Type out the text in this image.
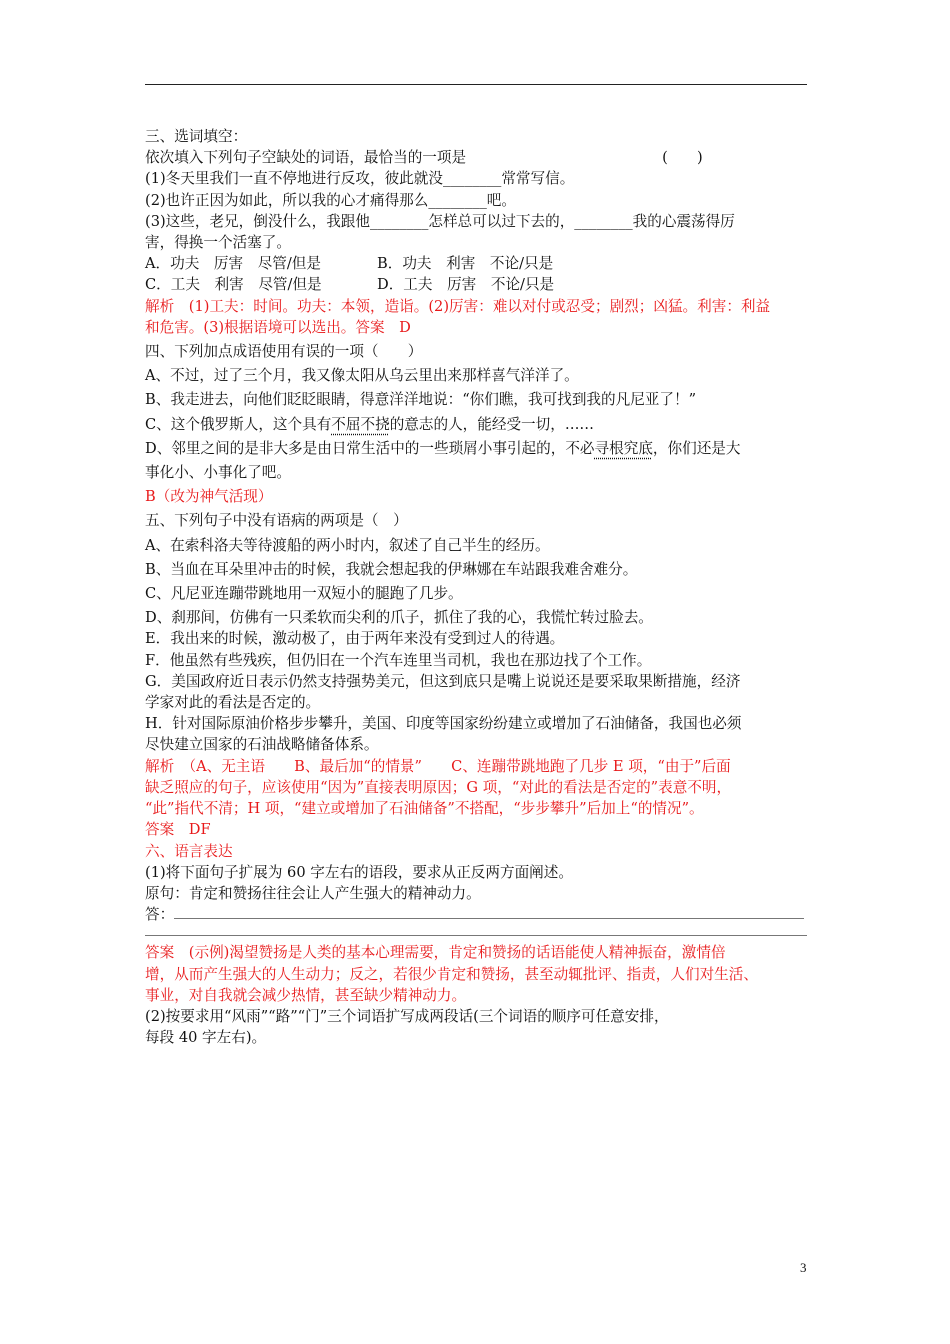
三、选词填空：
依次填入下列句子空缺处的词语，最恰当的一项是	(　　)
(1)冬天里我们一直不停地进行反攻，彼此就没________常常写信。
(2)也许正因为如此，所以我的心才痛得那么________吧。
(3)这些，老兄，倒没什么，我跟他________怎样总可以过下去的，________我的心震荡得厉
害，得换一个活塞了。
A．功夫　厉害　尽管/但是	B．功夫　利害　不论/只是
C．工夫　利害　尽管/但是	D．工夫　厉害　不论/只是
解析　(1)工夫：时间。功夫：本领，造诣。(2)厉害：难以对付或忍受；剧烈；凶猛。利害：利益
和危害。(3)根据语境可以选出。答案　D
四、下列加点成语使用有误的一项（　　）
A、不过，过了三个月，我又像太阳从乌云里出来那样喜气洋洋了。
B、我走进去，向他们眨眨眼睛，得意洋洋地说：“你们瞧，我可找到我的凡尼亚了！”
C、这个俄罗斯人，这个具有不屈不挠的意志的人，能经受一切，……
D、邻里之间的是非大多是由日常生活中的一些琐屑小事引起的，不必寻根究底，你们还是大
事化小、小事化了吧。
B（改为神气活现）
五、下列句子中没有语病的两项是（　）
A、在索科洛夫等待渡船的两小时内，叙述了自己半生的经历。
B、当血在耳朵里冲击的时候，我就会想起我的伊琳娜在车站跟我难舍难分。
C、凡尼亚连蹦带跳地用一双短小的腿跑了几步。
D、刹那间，仿佛有一只柔软而尖利的爪子，抓住了我的心，我慌忙转过脸去。
E．我出来的时候，激动极了，由于两年来没有受到过人的待遇。
F．他虽然有些残疾，但仍旧在一个汽车连里当司机，我也在那边找了个工作。
G．美国政府近日表示仍然支持强势美元，但这到底只是嘴上说说还是要采取果断措施，经济
学家对此的看法是否定的。
H．针对国际原油价格步步攀升，美国、印度等国家纷纷建立或增加了石油储备，我国也必须
尽快建立国家的石油战略储备体系。
解析　（A、无主语　　B、最后加“的情景”　　C、连蹦带跳地跑了几步 E 项，“由于”后面
缺乏照应的句子，应该使用“因为”直接表明原因；G 项，“对此的看法是否定的”表意不明，
“此”指代不清；H 项，“建立或增加了石油储备”不搭配，“步步攀升”后加上“的情况”。
答案　DF
六、语言表达
(1)将下面句子扩展为 60 字左右的语段，要求从正反两方面阐述。
原句：肯定和赞扬往往会让人产生强大的精神动力。
答：
答案　(示例)渴望赞扬是人类的基本心理需要，肯定和赞扬的话语能使人精神振奋，激情倍
增，从而产生强大的人生动力；反之，若很少肯定和赞扬，甚至动辄批评、指责，人们对生活、
事业，对自我就会减少热情，甚至缺少精神动力。
(2)按要求用“风雨”“路”“门”三个词语扩写成两段话(三个词语的顺序可任意安排，
每段 40 字左右)。
3
